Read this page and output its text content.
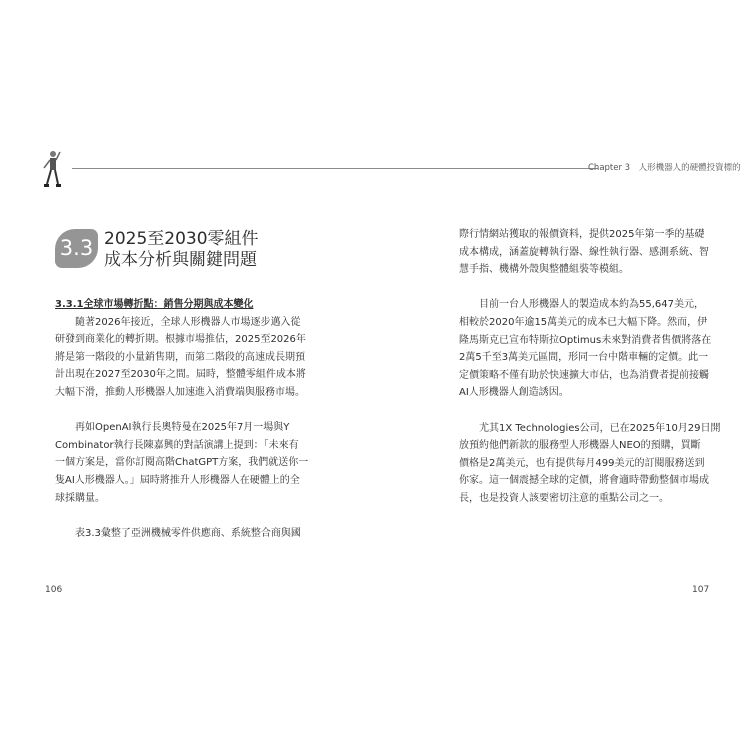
Chapter 3　人形機器人的硬體投資標的
3.3 2025至2030零組件
成本分析與關鍵問題
3.3.1全球市場轉折點：銷售分期與成本變化
　　隨著2026年接近，全球人形機器人市場逐步邁入從
研發到商業化的轉折期。根據市場推估，2025至2026年
將是第一階段的小量銷售期，而第二階段的高速成長期預
計出現在2027至2030年之間。屆時，整體零組件成本將
大幅下滑，推動人形機器人加速進入消費端與服務市場。
　　再如OpenAI執行長奧特曼在2025年7月一場與Y
Combinator執行長陳嘉興的對話演講上提到：「未來有
一個方案是，當你訂閱高階ChatGPT方案，我們就送你一
隻AI人形機器人。」屆時將推升人形機器人在硬體上的全
球採購量。
　　表3.3彙整了亞洲機械零件供應商、系統整合商與國
際行情網站獲取的報價資料，提供2025年第一季的基礎
成本構成，涵蓋旋轉執行器、線性執行器、感測系統、智
慧手指、機構外殼與整體組裝等模組。
　　目前一台人形機器人的製造成本約為55,647美元，
相較於2020年逾15萬美元的成本已大幅下降。然而，伊
隆馬斯克已宣布特斯拉Optimus未來對消費者售價將落在
2萬5千至3萬美元區間，形同一台中階車輛的定價。此一
定價策略不僅有助於快速擴大市佔，也為消費者提前接觸
AI人形機器人創造誘因。
　　尤其1X Technologies公司，已在2025年10月29日開
放預約他們新款的服務型人形機器人NEO的預購，買斷
價格是2萬美元，也有提供每月499美元的訂閱服務送到
你家。這一個震撼全球的定價，將會適時帶動整個市場成
長，也是投資人該要密切注意的重點公司之一。
106	107
